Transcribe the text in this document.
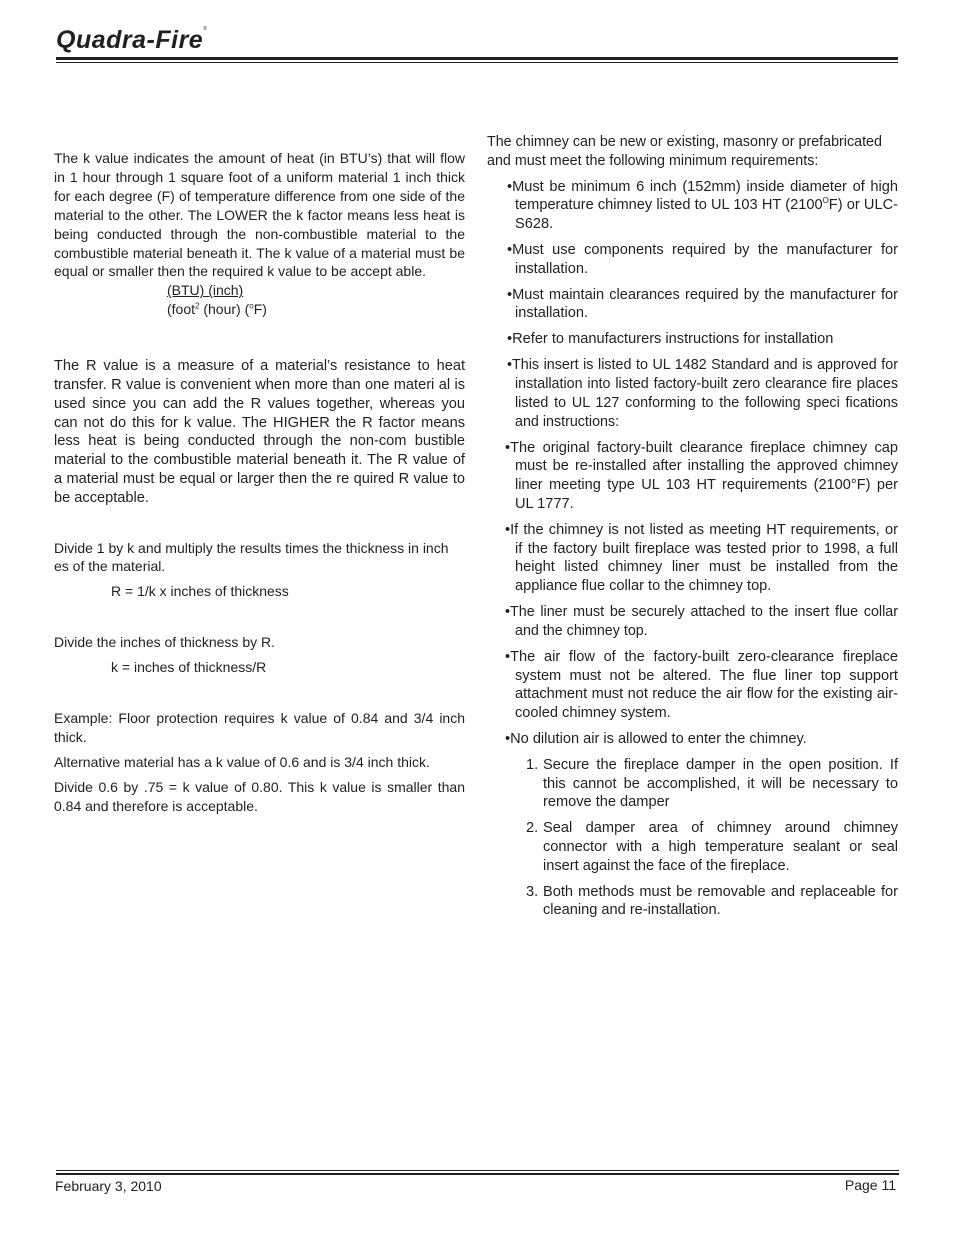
Quadra-Fire®

The k value indicates the amount of heat (in BTU’s) that will flow in 1 hour through 1 square foot of a uniform material 1 inch thick for each degree (F) of temperature difference from one side of the material to the other. The LOWER the k factor means less heat is being conducted through the non-combustible material to the combustible material beneath it. The k value of a material must be equal or smaller then the required k value to be accept able.

(BTU) (inch)
(foot$^2$ (hour) ($^o$F)

The R value is a measure of a material’s resistance to heat transfer. R value is convenient when more than one materi al is used since you can add the R values together, whereas you can not do this for k value. The HIGHER the R factor means less heat is being conducted through the non-com bustible material to the combustible material beneath it. The R value of a material must be equal or larger then the re quired R value to be acceptable.

Divide 1 by k and multiply the results times the thickness in inch es of the material.

R = 1/k x inches of thickness

Divide the inches of thickness by R.

k = inches of thickness/R

Example: Floor protection requires k value of 0.84 and 3/4 inch thick.

Alternative material has a k value of 0.6 and is 3/4 inch thick.

Divide 0.6 by .75 = k value of 0.80. This k value is smaller than 0.84 and therefore is acceptable.

The chimney can be new or existing, masonry or prefabricated and must meet the following minimum requirements:

•Must be minimum 6 inch (152mm) inside diameter of high temperature chimney listed to UL 103 HT $(2100^OF)$ or ULC-S628.

•Must use components required by the manufacturer for installation.

•Must maintain clearances required by the manufacturer for installation.

•Refer to manufacturers instructions for installation

•This insert is listed to UL 1482 Standard and is approved for installation into listed factory-built zero clearance fire places listed to UL 127 conforming to the following speci fications and instructions:

•The original factory-built clearance fireplace chimney cap must be re-installed after installing the approved chimney liner meeting type UL 103 HT requirements (2100°F) per UL 1777.

•If the chimney is not listed as meeting HT requirements, or if the factory built fireplace was tested prior to 1998, a full height listed chimney liner must be installed from the appliance flue collar to the chimney top.

•The liner must be securely attached to the insert flue collar and the chimney top.

•The air flow of the factory-built zero-clearance fireplace system must not be altered. The flue liner top support attachment must not reduce the air flow for the existing air-cooled chimney system.

•No dilution air is allowed to enter the chimney.

1. Secure the fireplace damper in the open position. If this cannot be accomplished, it will be necessary to remove the damper
2. Seal damper area of chimney around chimney connector with a high temperature sealant or seal insert against the face of the fireplace.
3. Both methods must be removable and replaceable for cleaning and re-installation.
February 3, 2010	Page 11
